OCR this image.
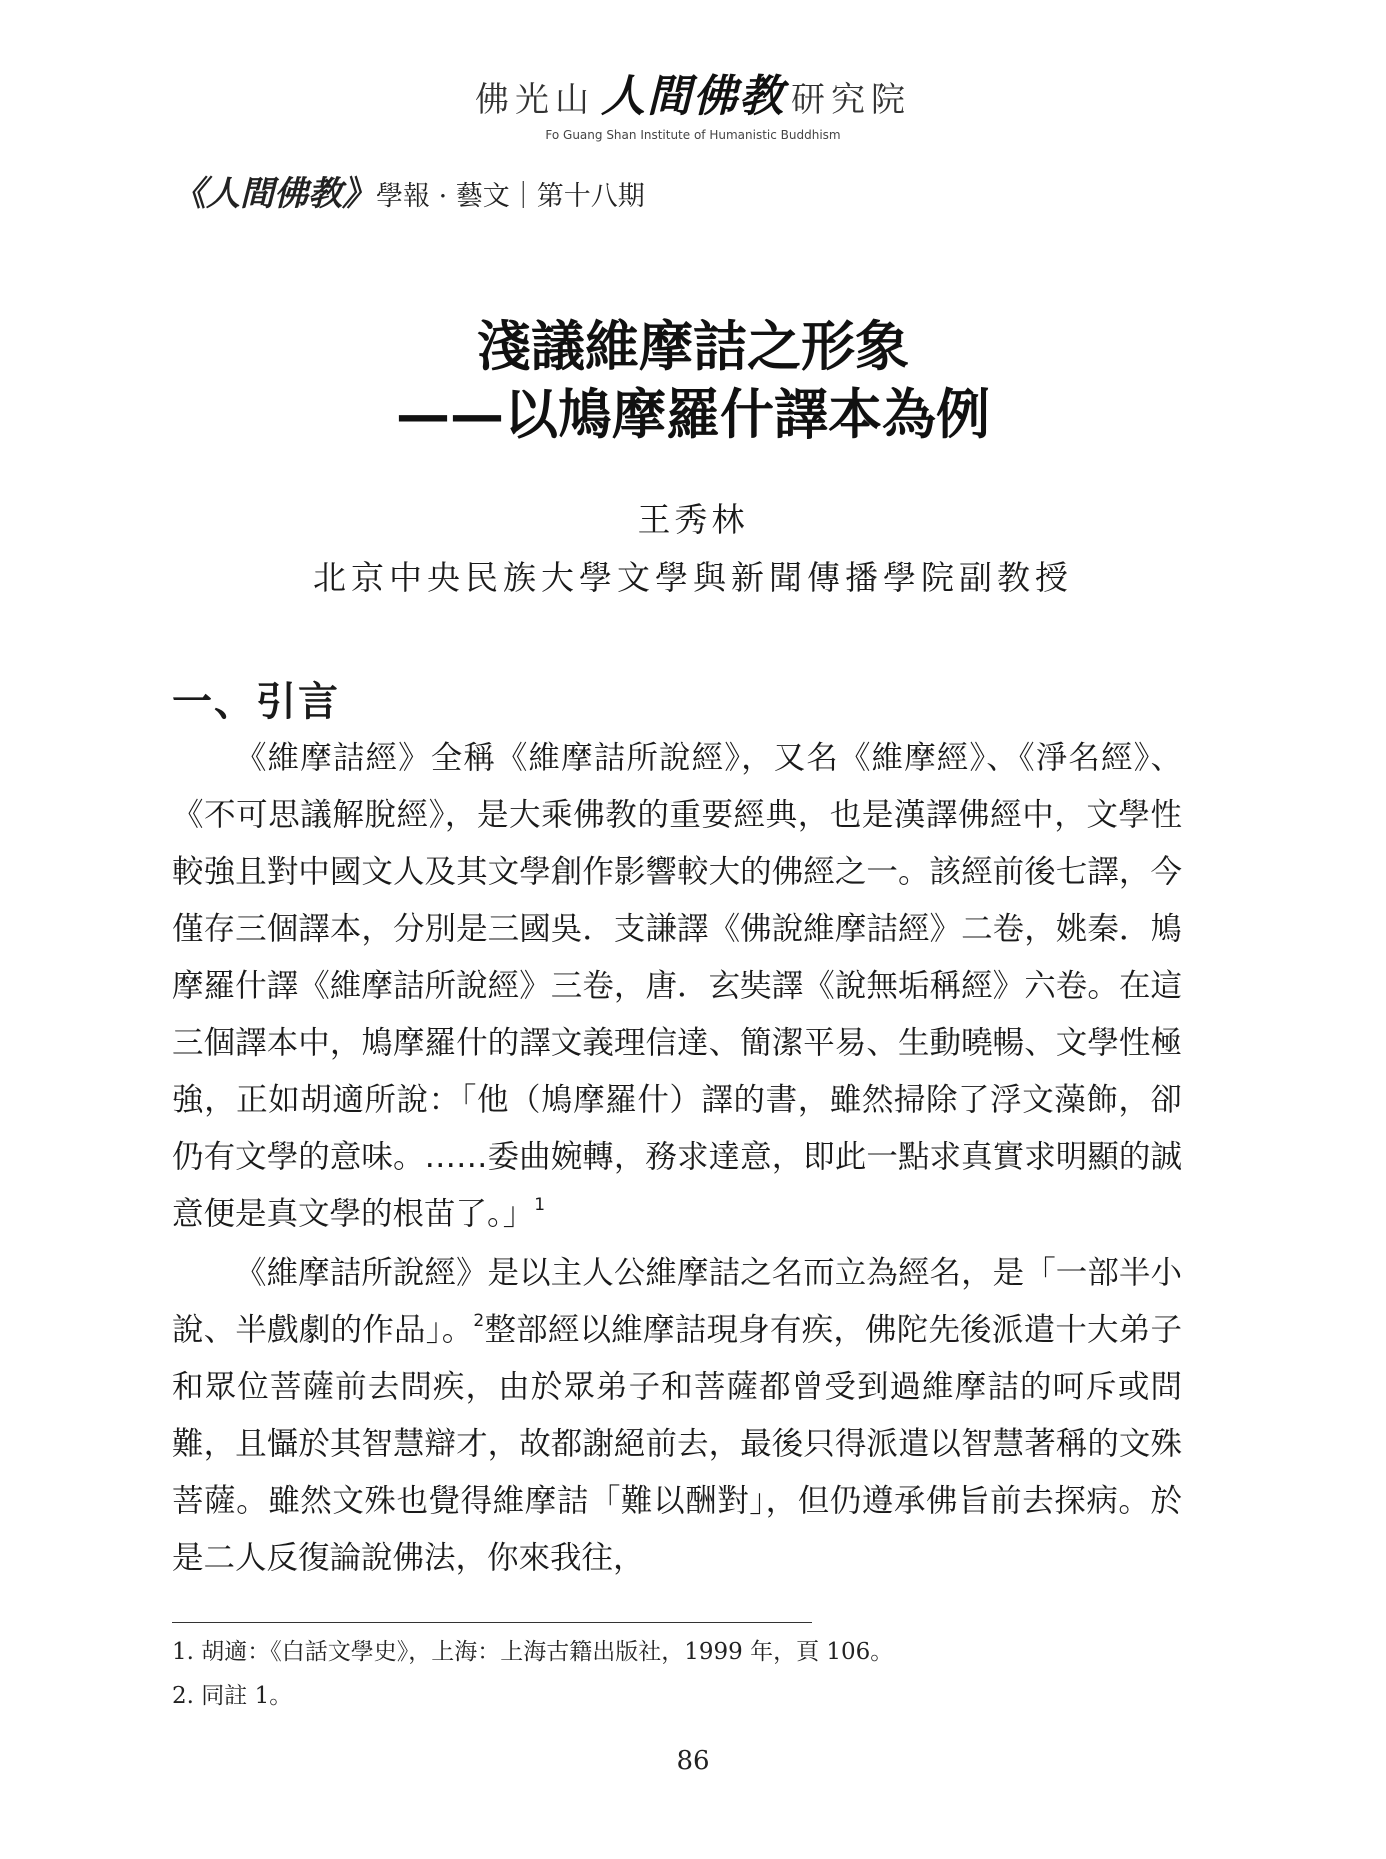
佛光山 人間佛教 研究院
Fo Guang Shan Institute of Humanistic Buddhism
《人間佛教》學報 · 藝文｜第十八期
淺議維摩詰之形象
——以鳩摩羅什譯本為例
王秀林
北京中央民族大學文學與新聞傳播學院副教授
一、引言

《維摩詰經》全稱《維摩詰所說經》，又名《維摩經》、《淨名經》、《不可思議解脫經》，是大乘佛教的重要經典，也是漢譯佛經中，文學性較強且對中國文人及其文學創作影響較大的佛經之一。該經前後七譯，今僅存三個譯本，分別是三國吳．支謙譯《佛說維摩詰經》二卷，姚秦．鳩摩羅什譯《維摩詰所說經》三卷，唐．玄奘譯《說無垢稱經》六卷。在這三個譯本中，鳩摩羅什的譯文義理信達、簡潔平易、生動曉暢、文學性極強，正如胡適所說：「他（鳩摩羅什）譯的書，雖然掃除了浮文藻飾，卻仍有文學的意味。……委曲婉轉，務求達意，即此一點求真實求明顯的誠意便是真文學的根苗了。」$^1$

《維摩詰所說經》是以主人公維摩詰之名而立為經名，是「一部半小說、半戲劇的作品」。$^2$整部經以維摩詰現身有疾，佛陀先後派遣十大弟子和眾位菩薩前去問疾，由於眾弟子和菩薩都曾受到過維摩詰的呵斥或問難，且懾於其智慧辯才，故都謝絕前去，最後只得派遣以智慧著稱的文殊菩薩。雖然文殊也覺得維摩詰「難以酬對」，但仍遵承佛旨前去探病。於是二人反復論說佛法，你來我往，

1. 胡適：《白話文學史》，上海：上海古籍出版社，1999 年，頁 106。
2. 同註 1。
86
